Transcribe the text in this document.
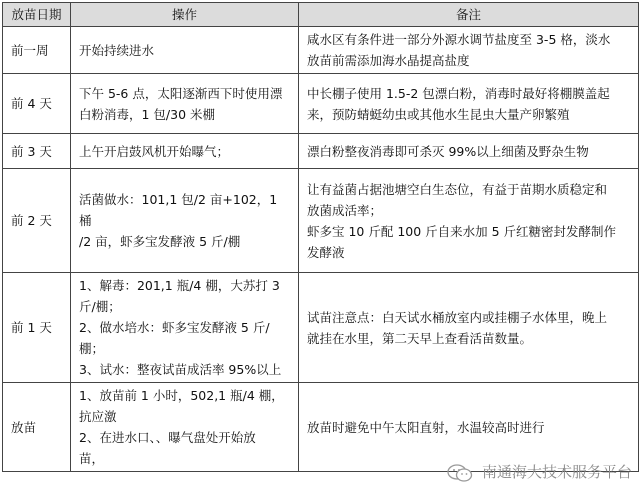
放苗日期	操作	备注
前一周	开始持续进水	咸水区有条件进一部分外源水调节盐度至 3-5 格，淡水
放苗前需添加海水晶提高盐度

前 4 天	下午 5-6 点，太阳逐渐西下时使用漂
白粉消毒，1 包/30 米棚	中长棚子使用 1.5-2 包漂白粉，消毒时最好将棚膜盖起
来，预防蜻蜓幼虫或其他水生昆虫大量产卵繁殖

前 3 天	上午开启鼓风机开始曝气；	漂白粉整夜消毒即可杀灭 99%以上细菌及野杂生物

前 2 天	活菌做水：101,1 包/2 亩+102，1 桶
/2 亩，虾多宝发酵液 5 斤/棚	让有益菌占据池塘空白生态位，有益于苗期水质稳定和
放菌成活率；
虾多宝 10 斤配 100 斤自来水加 5 斤红糖密封发酵制作
发酵液

前 1 天	1、解毒：201,1 瓶/4 棚，大苏打 3
斤/棚；
2、做水培水：虾多宝发酵液 5 斤/
棚；
3、试水：整夜试苗成活率 95%以上	试苗注意点：白天试水桶放室内或挂棚子水体里，晚上
就挂在水里，第二天早上查看活苗数量。

放苗	1、放苗前 1 小时，502,1 瓶/4 棚，
抗应激
2、在进水口、、曝气盘处开始放
苗，	放苗时避免中午太阳直射，水温较高时进行
南通海大技术服务平台
